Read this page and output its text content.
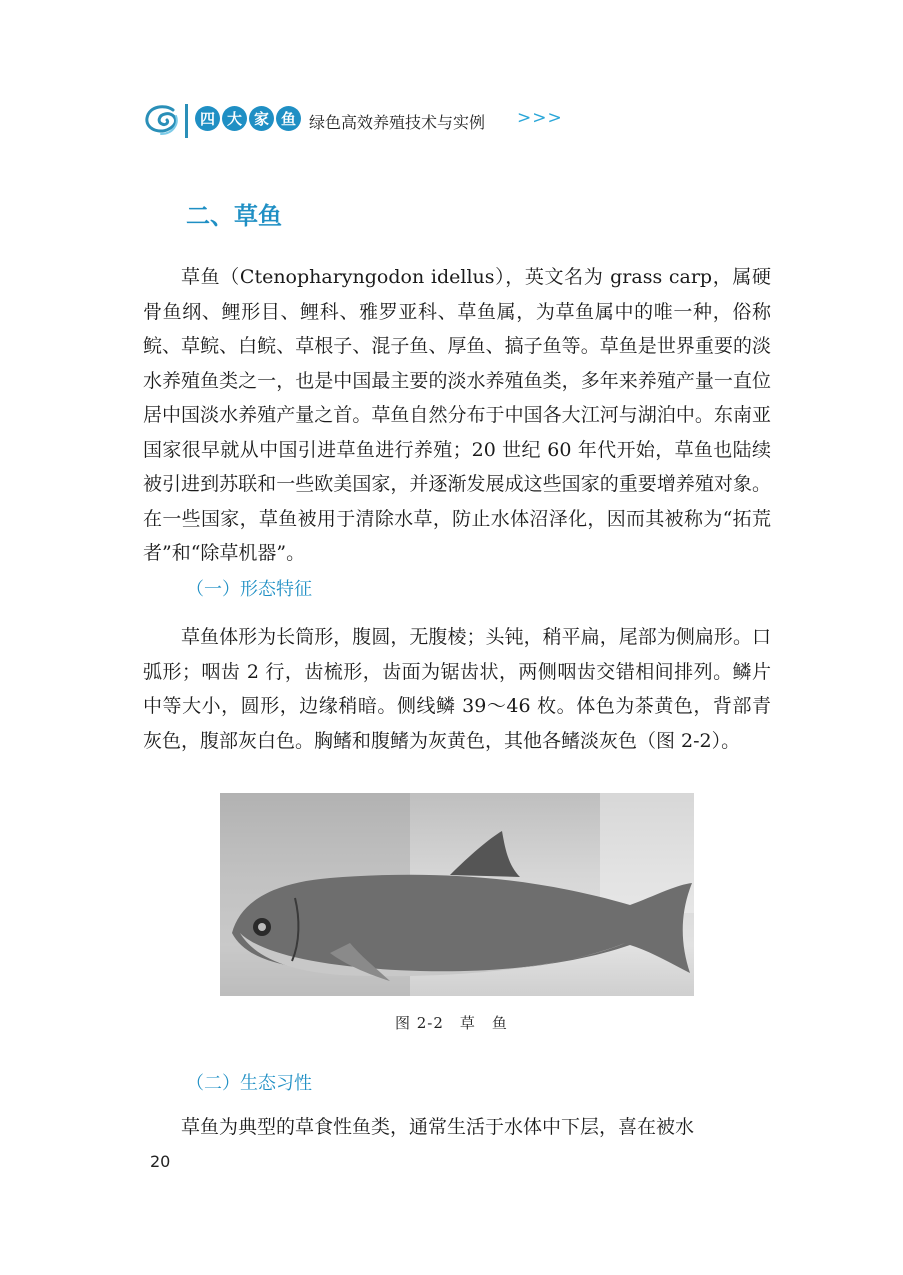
四 大 家 鱼 绿色高效养殖技术与实例 >>>
二、草鱼

草鱼（Ctenopharyngodon idellus），英文名为 grass carp，属硬骨鱼纲、鲤形目、鲤科、雅罗亚科、草鱼属，为草鱼属中的唯一种，俗称鲩、草鲩、白鲩、草根子、混子鱼、厚鱼、搞子鱼等。草鱼是世界重要的淡水养殖鱼类之一，也是中国最主要的淡水养殖鱼类，多年来养殖产量一直位居中国淡水养殖产量之首。草鱼自然分布于中国各大江河与湖泊中。东南亚国家很早就从中国引进草鱼进行养殖；20 世纪 60 年代开始，草鱼也陆续被引进到苏联和一些欧美国家，并逐渐发展成这些国家的重要增养殖对象。在一些国家，草鱼被用于清除水草，防止水体沼泽化，因而其被称为“拓荒者”和“除草机器”。

（一）形态特征

草鱼体形为长筒形，腹圆，无腹棱；头钝，稍平扁，尾部为侧扁形。口弧形；咽齿 2 行，齿梳形，齿面为锯齿状，两侧咽齿交错相间排列。鳞片中等大小，圆形，边缘稍暗。侧线鳞 39～46 枚。体色为茶黄色，背部青灰色，腹部灰白色。胸鳍和腹鳍为灰黄色，其他各鳍淡灰色（图 2-2）。

图 2-2　草　鱼
（二）生态习性

草鱼为典型的草食性鱼类，通常生活于水体中下层，喜在被水

20
